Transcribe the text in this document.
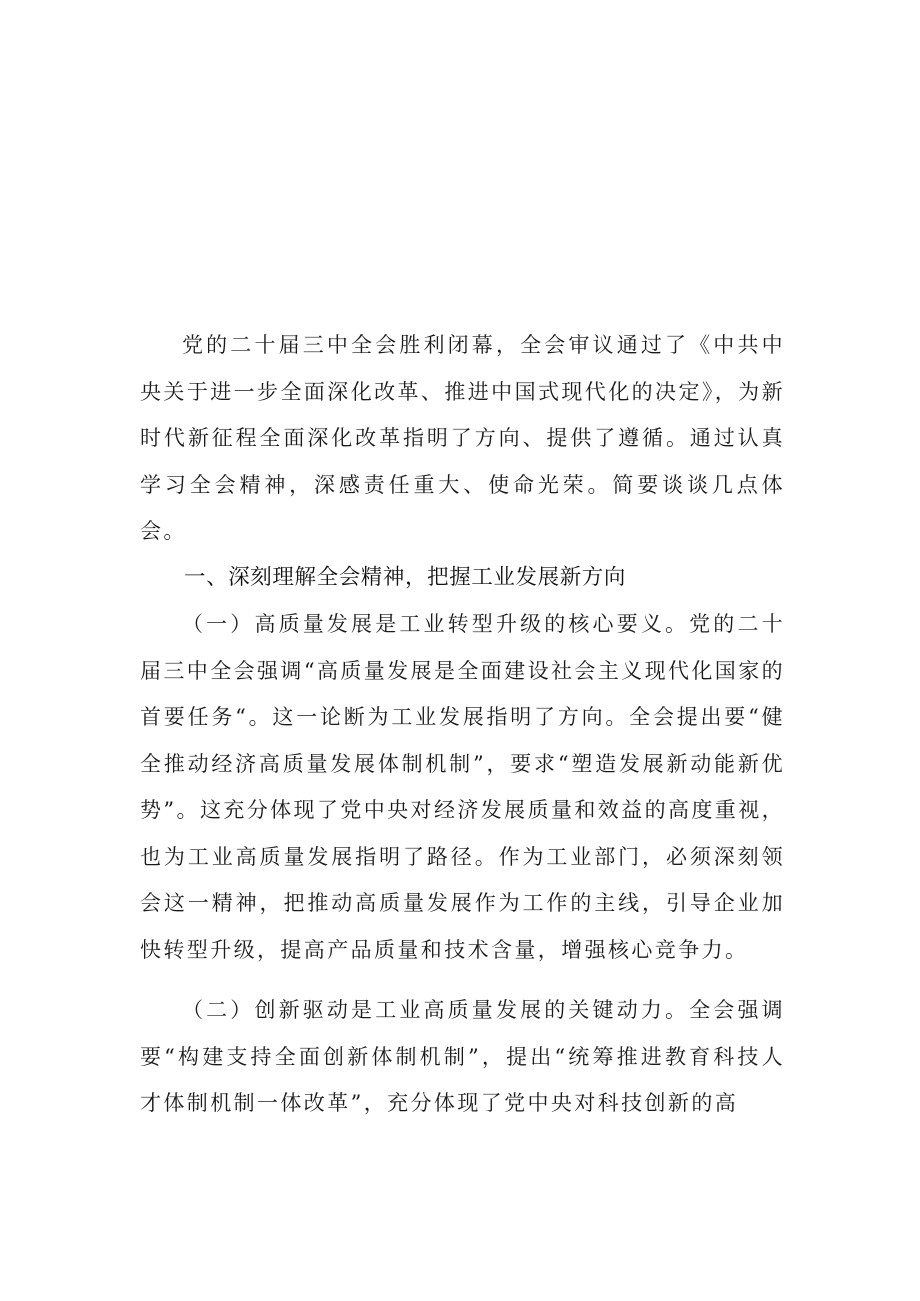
党的二十届三中全会胜利闭幕，全会审议通过了《中共中央关于进一步全面深化改革、推进中国式现代化的决定》，为新时代新征程全面深化改革指明了方向、提供了遵循。通过认真学习全会精神，深感责任重大、使命光荣。简要谈谈几点体会。

一、深刻理解全会精神，把握工业发展新方向

（一）高质量发展是工业转型升级的核心要义。党的二十届三中全会强调“高质量发展是全面建设社会主义现代化国家的首要任务“。这一论断为工业发展指明了方向。全会提出要“健全推动经济高质量发展体制机制”，要求“塑造发展新动能新优势”。这充分体现了党中央对经济发展质量和效益的高度重视，也为工业高质量发展指明了路径。作为工业部门，必须深刻领会这一精神，把推动高质量发展作为工作的主线，引导企业加快转型升级，提高产品质量和技术含量，增强核心竞争力。

（二）创新驱动是工业高质量发展的关键动力。全会强调要“构建支持全面创新体制机制”，提出“统筹推进教育科技人才体制机制一体改革”，充分体现了党中央对科技创新的高
